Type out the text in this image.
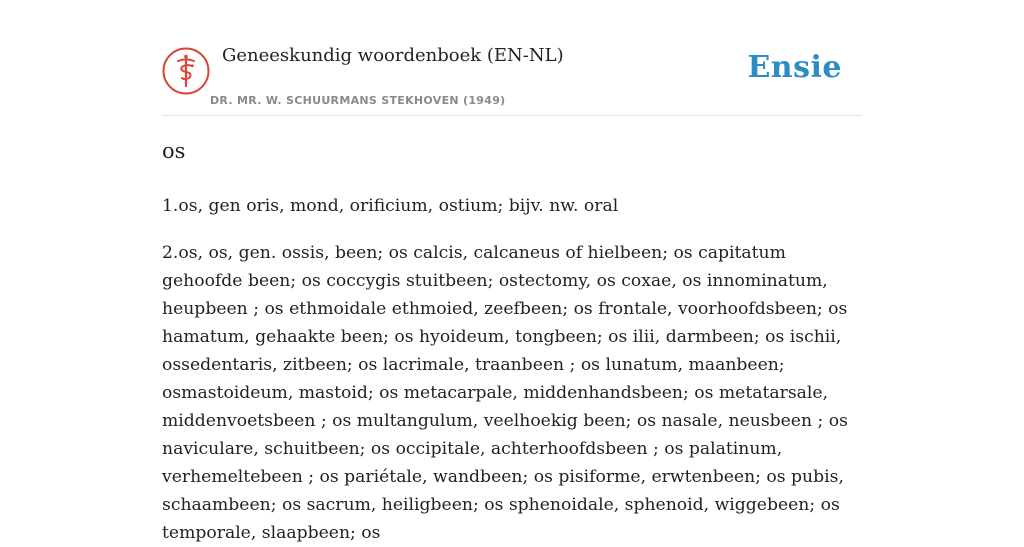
Geneeskundig woordenboek (EN-NL)
DR. MR. W. SCHUURMANS STEKHOVEN (1949)
Ensie
os

1.os, gen oris, mond, orificium, ostium; bijv. nw. oral

2.os, os, gen. ossis, been; os calcis, calcaneus of hielbeen; os capitatum gehoofde been; os coccygis stuitbeen; ostectomy, os coxae, os innominatum, heupbeen ; os ethmoidale ethmoied, zeefbeen; os frontale, voorhoofdsbeen; os hamatum, gehaakte been; os hyoideum, tongbeen; os ilii, darmbeen; os ischii, ossedentaris, zitbeen; os lacrimale, traanbeen ; os lunatum, maanbeen; osmastoideum, mastoid; os metacarpale, middenhandsbeen; os metatarsale, middenvoetsbeen ; os multangulum, veelhoekig been; os nasale, neusbeen ; os naviculare, schuitbeen; os occipitale, achterhoofdsbeen ; os palatinum, verhemeltebeen ; os pariétale, wandbeen; os pisiforme, erwtenbeen; os pubis, schaambeen; os sacrum, heiligbeen; os sphenoidale, sphenoid, wiggebeen; os temporale, slaapbeen; os
